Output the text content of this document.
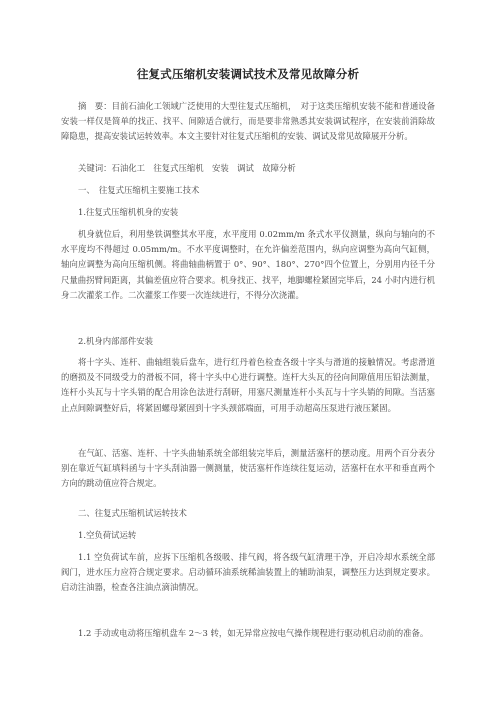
往复式压缩机安装调试技术及常见故障分析

摘　要：目前石油化工领域广泛使用的大型往复式压缩机，　对于这类压缩机安装不能和普通设备安装一样仅是简单的找正、找平、间隙适合就行，而是要非常熟悉其安装调试程序，在安装前消除故障隐患，提高安装试运转效率。本文主要针对往复式压缩机的安装、调试及常见故障展开分析。

关键词：石油化工　往复式压缩机　安装　调试　故障分析

一、　往复式压缩机主要施工技术

1.往复式压缩机机身的安装

机身就位后，利用垫铁调整其水平度，水平度用 0.02mm/m 条式水平仪测量，纵向与轴向的不水平度均不得超过 0.05mm/m。不水平度调整时，在允许偏差范围内，纵向应调整为高向气缸侧，轴向应调整为高向压缩机侧。将曲轴曲柄置于 0°、90°、180°、270°四个位置上，分别用内径千分尺量曲拐臂间距离，其偏差值应符合要求。机身找正、找平，地脚螺栓紧固完毕后，24 小时内进行机身二次灌浆工作。二次灌浆工作要一次连续进行，不得分次浇灌。

2.机身内部部件安装

将十字头、连杆、曲轴组装后盘车，进行红丹着色检查各级十字头与滑道的接触情况。考虑滑道的磨损及不同级受力的滑板不同，将十字头中心进行调整。连杆大头瓦的径向间隙值用压铅法测量，连杆小头瓦与十字头销的配合用涂色法进行刮研，用塞尺测量连杆小头瓦与十字头销的间隙。当活塞止点间隙调整好后，将紧固螺母紧固到十字头颈部端面，可用手动超高压泵进行液压紧固。

在气缸、活塞、连杆、十字头曲轴系统全部组装完毕后，测量活塞杆的摆动度。用两个百分表分别在靠近气缸填料函与十字头刮油器一侧测量，使活塞杆作连续往复运动，活塞杆在水平和垂直两个方向的跳动值应符合规定。

二、往复式压缩机试运转技术

1.空负荷试运转

1.1 空负荷试车前，应拆下压缩机各级吸、排气阀，将各级气缸清理干净，开启冷却水系统全部阀门，进水压力应符合规定要求。启动循环油系统稀油装置上的辅助油泵，调整压力达到规定要求。启动注油器，检查各注油点滴油情况。

1.2 手动或电动将压缩机盘车 2～3 转，如无异常应按电气操作规程进行驱动机启动前的准备。
